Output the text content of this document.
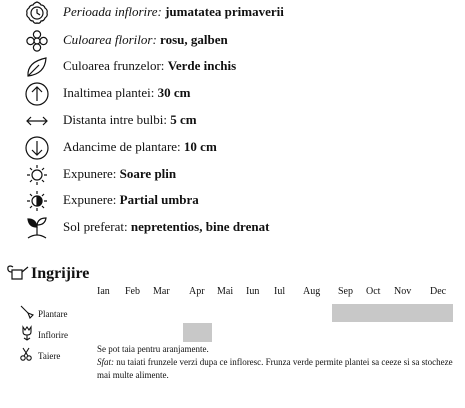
Perioada inflorire: jumatatea primaverii
Culoarea florilor: rosu, galben
Culoarea frunzelor: Verde inchis
Inaltimea plantei: 30 cm
Distanta intre bulbi: 5 cm
Adancime de plantare: 10 cm
Expunere: Soare plin
Expunere: Partial umbra
Sol preferat: nepretentios, bine drenat
Ingrijire
Ian Feb Mar Apr Mai Iun Iul Aug Sep Oct Nov Dec
Plantare
Inflorire
Taiere
Se pot taia pentru aranjamente.
Sfat: nu taiati frunzele verzi dupa ce infloresc. Frunza verde permite plantei sa ceeze si sa stocheze mai multe alimente.
